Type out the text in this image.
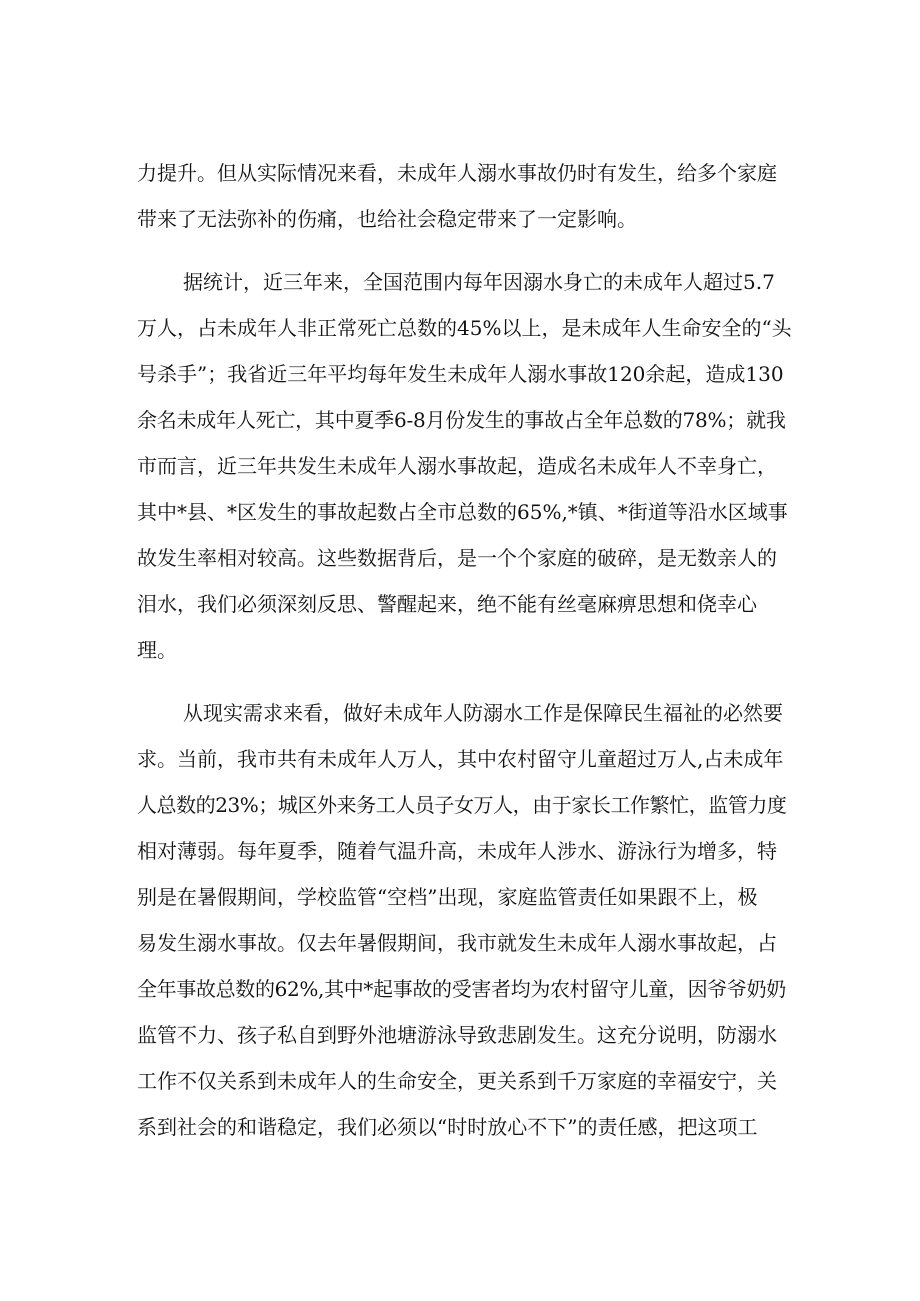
力提升。但从实际情况来看，未成年人溺水事故仍时有发生，给多个家庭
带来了无法弥补的伤痛，也给社会稳定带来了一定影响。
据统计，近三年来，全国范围内每年因溺水身亡的未成年人超过5.7
万人，占未成年人非正常死亡总数的45%以上，是未成年人生命安全的“头
号杀手”；我省近三年平均每年发生未成年人溺水事故120余起，造成130
余名未成年人死亡，其中夏季6-8月份发生的事故占全年总数的78%；就我
市而言，近三年共发生未成年人溺水事故起，造成名未成年人不幸身亡，
其中*县、*区发生的事故起数占全市总数的65%,*镇、*街道等沿水区域事
故发生率相对较高。这些数据背后，是一个个家庭的破碎，是无数亲人的
泪水，我们必须深刻反思、警醒起来，绝不能有丝毫麻痹思想和侥幸心
理。
从现实需求来看，做好未成年人防溺水工作是保障民生福祉的必然要
求。当前，我市共有未成年人万人，其中农村留守儿童超过万人,占未成年
人总数的23%；城区外来务工人员子女万人，由于家长工作繁忙，监管力度
相对薄弱。每年夏季，随着气温升高，未成年人涉水、游泳行为增多，特
别是在暑假期间，学校监管“空档”出现，家庭监管责任如果跟不上，极
易发生溺水事故。仅去年暑假期间，我市就发生未成年人溺水事故起，占
全年事故总数的62%,其中*起事故的受害者均为农村留守儿童，因爷爷奶奶
监管不力、孩子私自到野外池塘游泳导致悲剧发生。这充分说明，防溺水
工作不仅关系到未成年人的生命安全，更关系到千万家庭的幸福安宁，关
系到社会的和谐稳定，我们必须以“时时放心不下”的责任感，把这项工
